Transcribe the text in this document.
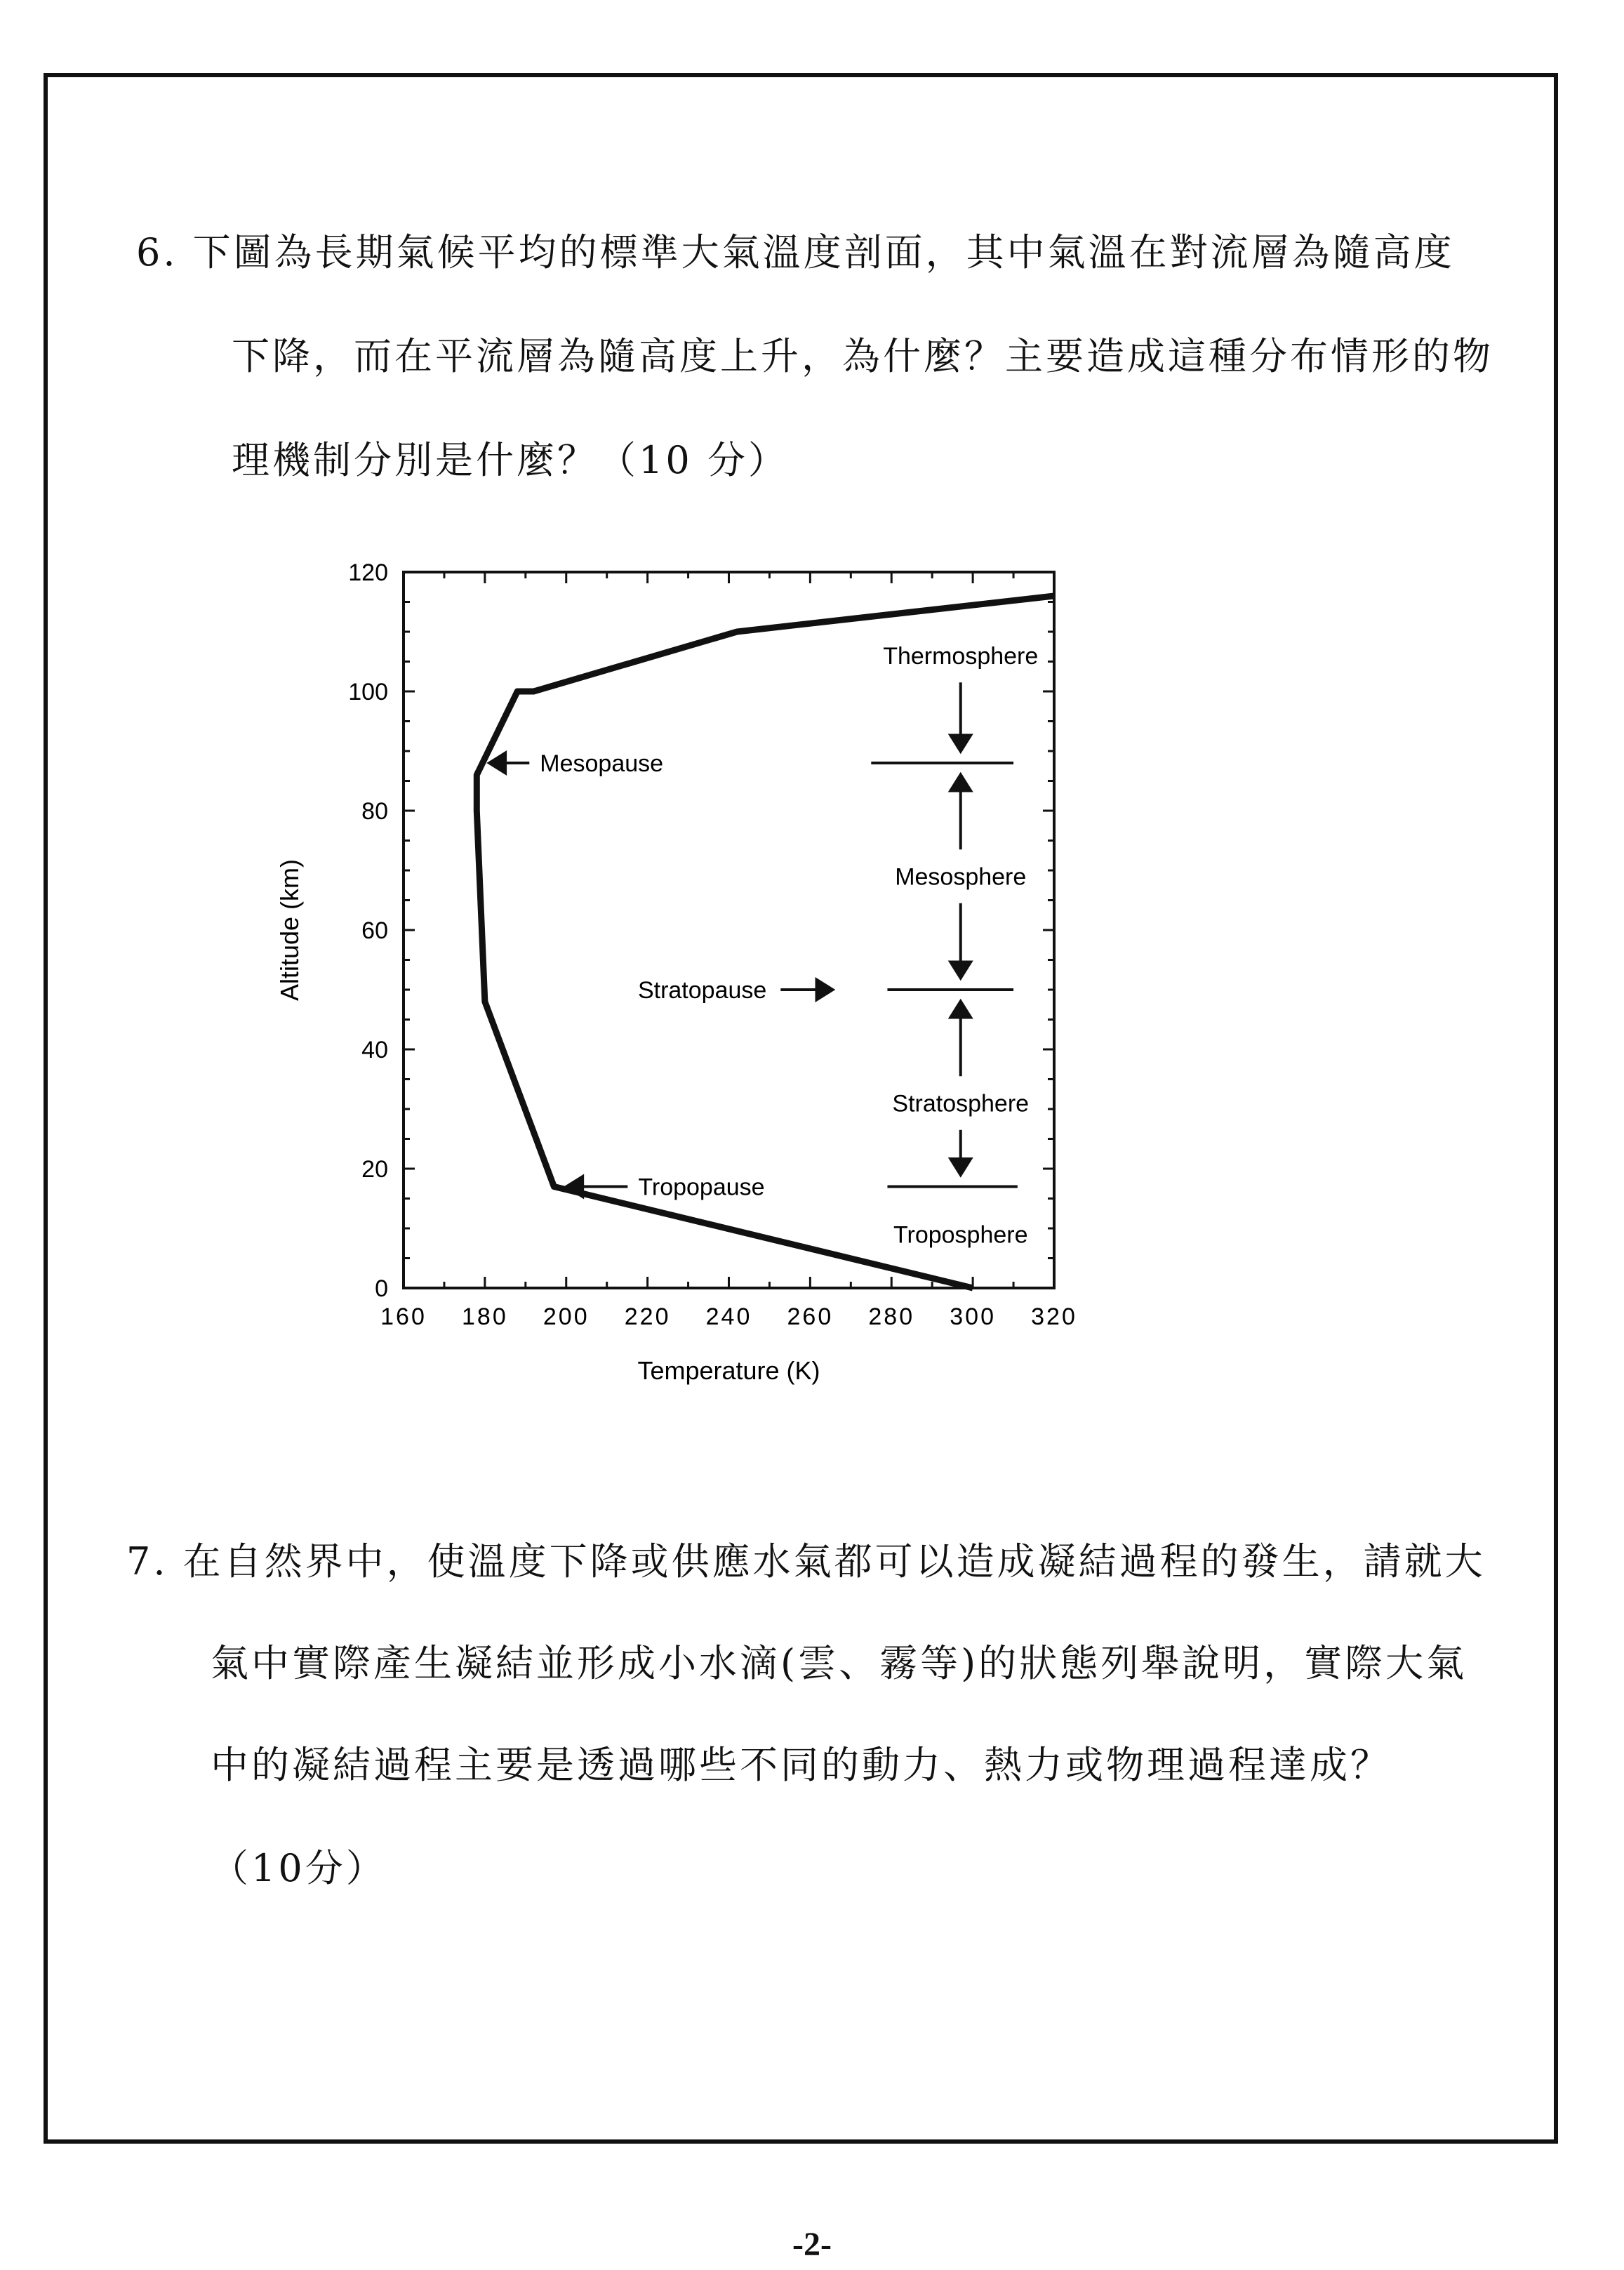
6. 下圖為長期氣候平均的標準大氣溫度剖面，其中氣溫在對流層為隨高度
下降，而在平流層為隨高度上升，為什麼？主要造成這種分布情形的物
理機制分別是什麼？（10 分）
160 180 200 220 240 260 280 300 320
0
20
40
60
80
100
120
Temperature (K)
Altitude (km)
Mesopause
Stratopause
Tropopause
Thermosphere
Mesosphere
Stratosphere
Troposphere
7. 在自然界中，使溫度下降或供應水氣都可以造成凝結過程的發生，請就大
氣中實際產生凝結並形成小水滴(雲、霧等)的狀態列舉說明，實際大氣
中的凝結過程主要是透過哪些不同的動力、熱力或物理過程達成？
（10分）
-2-
